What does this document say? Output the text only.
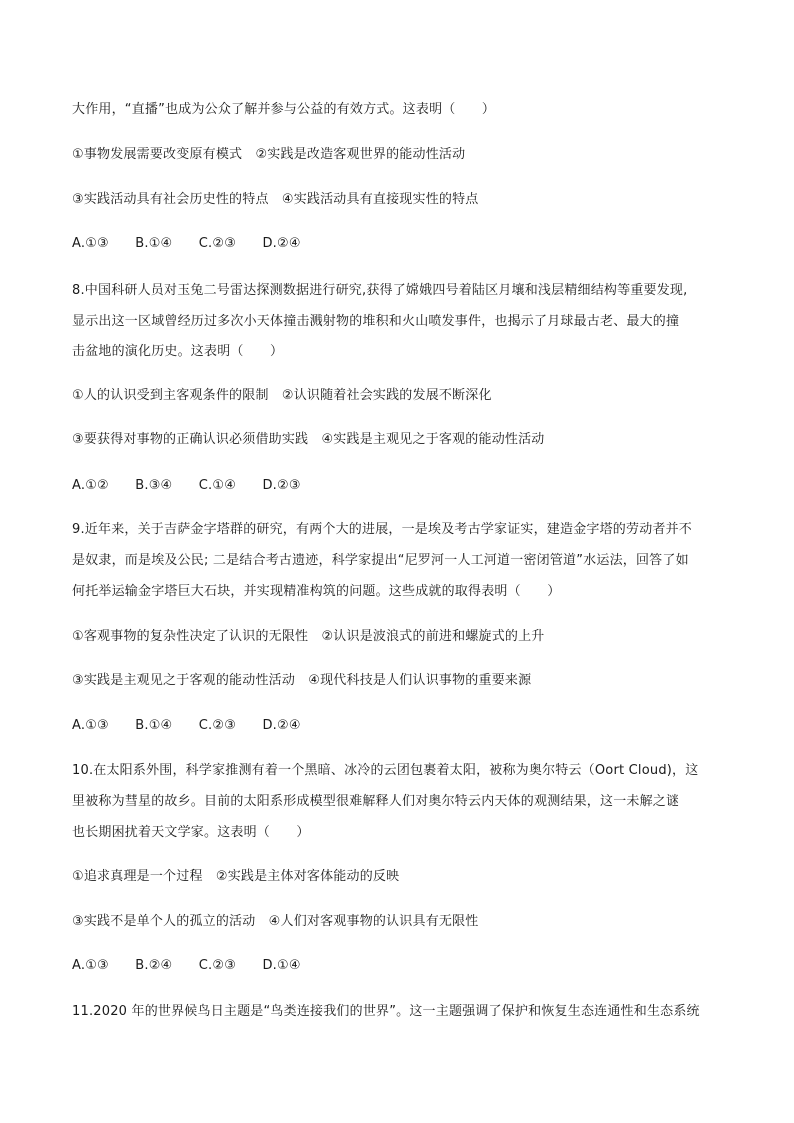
大作用，“直播”也成为公众了解并参与公益的有效方式。这表明（　　）
①事物发展需要改变原有模式　②实践是改造客观世界的能动性活动
③实践活动具有社会历史性的特点　④实践活动具有直接现实性的特点
A.①③ B.①④ C.②③ D.②④
8.中国科研人员对玉兔二号雷达探测数据进行研究,获得了嫦娥四号着陆区月壤和浅层精细结构等重要发现,
显示出这一区域曾经历过多次小天体撞击溅射物的堆积和火山喷发事件，也揭示了月球最古老、最大的撞
击盆地的演化历史。这表明（　　）
①人的认识受到主客观条件的限制　②认识随着社会实践的发展不断深化
③要获得对事物的正确认识必须借助实践　④实践是主观见之于客观的能动性活动
A.①② B.③④ C.①④ D.②③
9.近年来，关于吉萨金字塔群的研究，有两个大的进展，一是埃及考古学家证实，建造金字塔的劳动者并不
是奴隶，而是埃及公民; 二是结合考古遗迹，科学家提出“尼罗河一人工河道一密闭管道”水运法，回答了如
何托举运输金字塔巨大石块，并实现精准构筑的问题。这些成就的取得表明（　　）
①客观事物的复杂性决定了认识的无限性　②认识是波浪式的前进和螺旋式的上升
③实践是主观见之于客观的能动性活动　④现代科技是人们认识事物的重要来源
A.①③ B.①④ C.②③ D.②④
10.在太阳系外围，科学家推测有着一个黑暗、冰冷的云团包裹着太阳，被称为奥尔特云（Oort Cloud)，这
里被称为彗星的故乡。目前的太阳系形成模型很难解释人们对奥尔特云内天体的观测结果，这一未解之谜
也长期困扰着天文学家。这表明（　　）
①追求真理是一个过程　②实践是主体对客体能动的反映
③实践不是单个人的孤立的活动　④人们对客观事物的认识具有无限性
A.①③ B.②④ C.②③ D.①④
11.2020 年的世界候鸟日主题是“鸟类连接我们的世界”。这一主题强调了保护和恢复生态连通性和生态系统
